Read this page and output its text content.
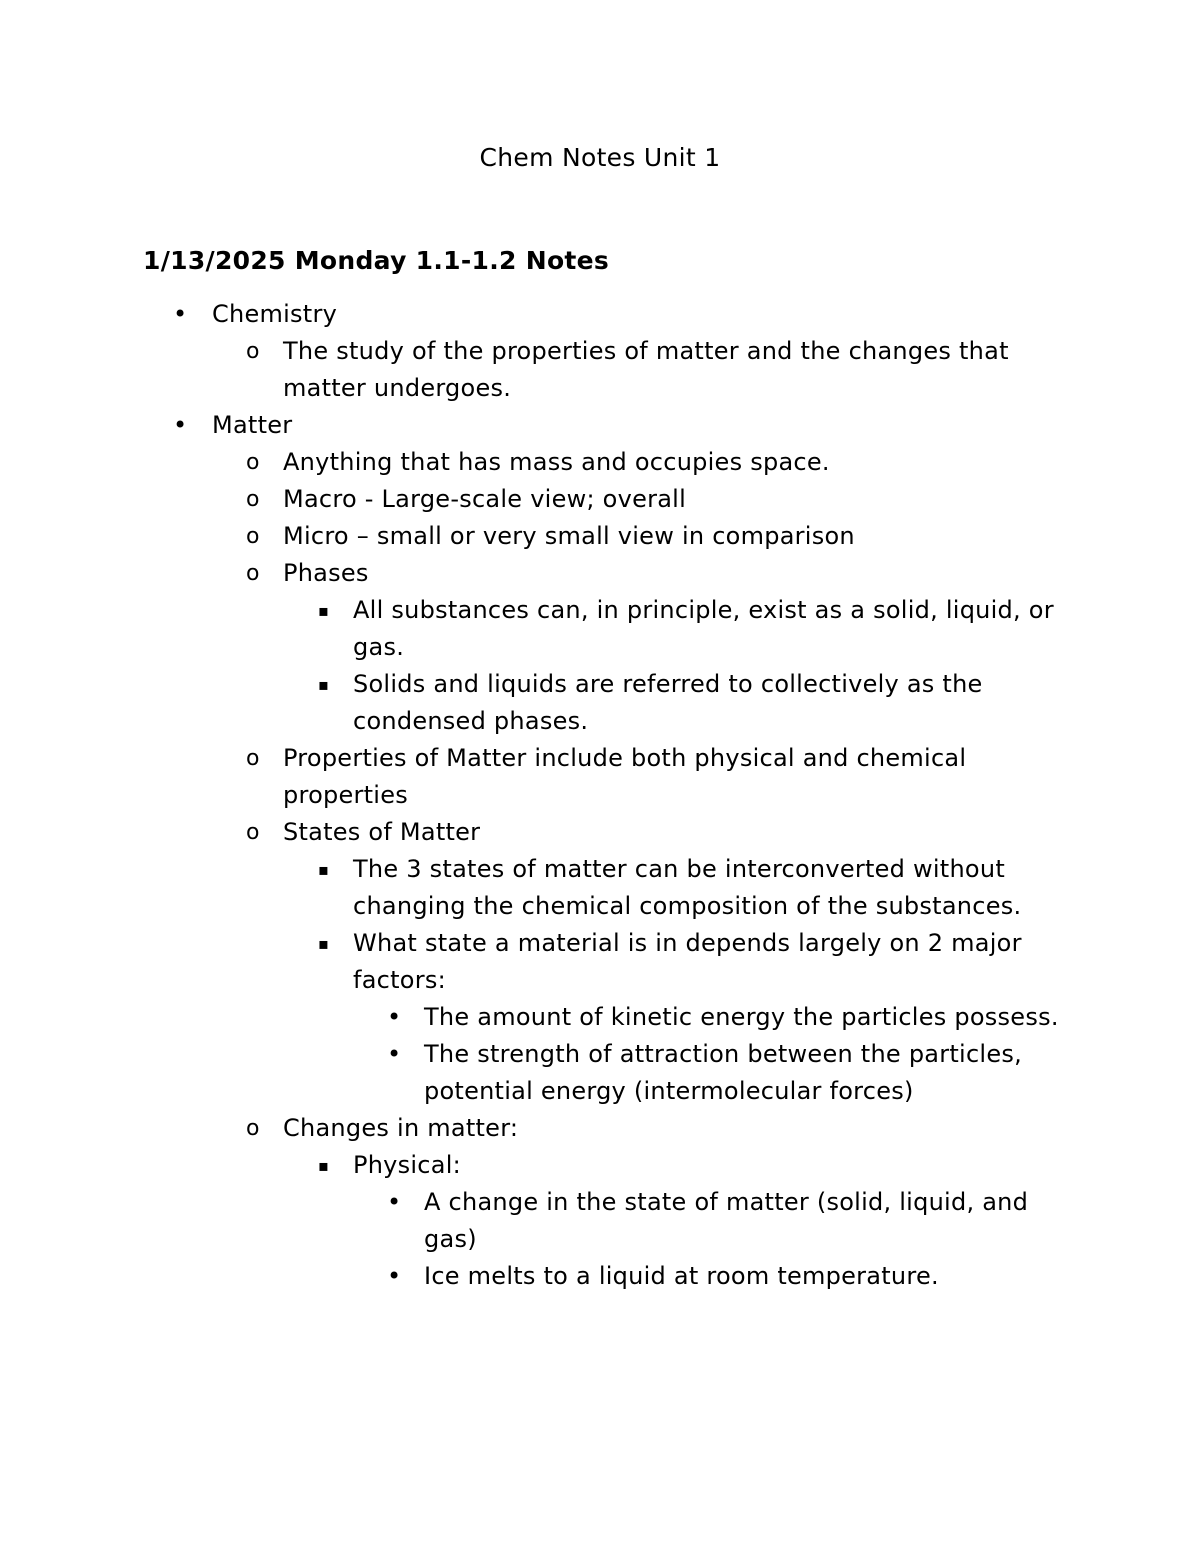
Chem Notes Unit 1
1/13/2025 Monday 1.1-1.2 Notes
• Chemistry
o The study of the properties of matter and the changes that matter undergoes.
• Matter
o Anything that has mass and occupies space.
o Macro - Large-scale view; overall
o Micro – small or very small view in comparison
o Phases
▪ All substances can, in principle, exist as a solid, liquid, or gas.
▪ Solids and liquids are referred to collectively as the condensed phases.
o Properties of Matter include both physical and chemical properties
o States of Matter
▪ The 3 states of matter can be interconverted without changing the chemical composition of the substances.
▪ What state a material is in depends largely on 2 major factors:
• The amount of kinetic energy the particles possess.
• The strength of attraction between the particles, potential energy (intermolecular forces)
o Changes in matter:
▪ Physical:
• A change in the state of matter (solid, liquid, and gas)
• Ice melts to a liquid at room temperature.
